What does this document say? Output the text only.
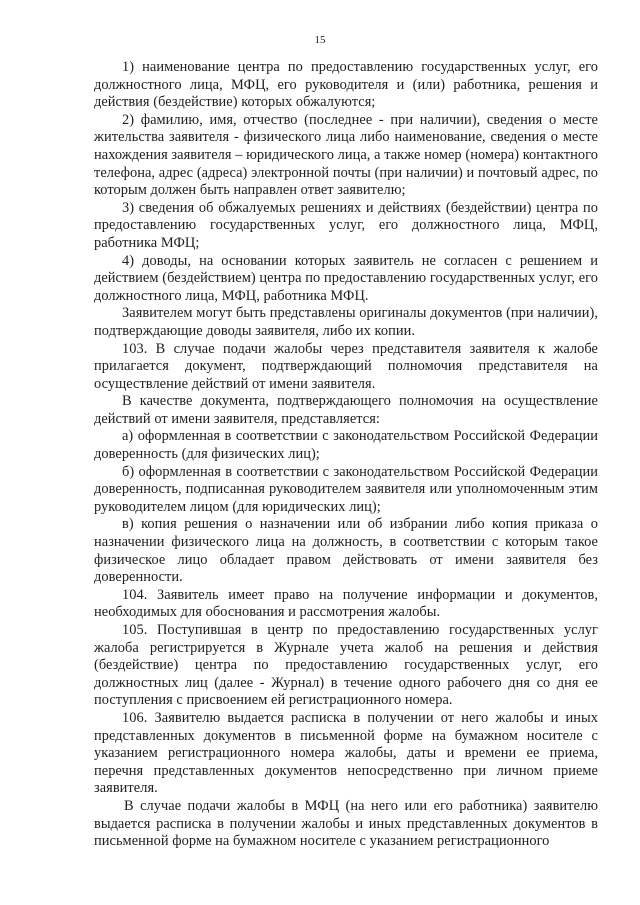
15

1) наименование центра по предоставлению государственных услуг, его должностного лица, МФЦ, его руководителя и (или) работника, решения и действия (бездействие) которых обжалуются;

2) фамилию, имя, отчество (последнее - при наличии), сведения о месте жительства заявителя - физического лица либо наименование, сведения о месте нахождения заявителя – юридического лица, а также номер (номера) контактного телефона, адрес (адреса) электронной почты (при наличии) и почтовый адрес, по которым должен быть направлен ответ заявителю;

3) сведения об обжалуемых решениях и действиях (бездействии) центра по предоставлению государственных услуг, его должностного лица, МФЦ, работника МФЦ;

4) доводы, на основании которых заявитель не согласен с решением и действием (бездействием) центра по предоставлению государственных услуг, его должностного лица, МФЦ, работника МФЦ.

Заявителем могут быть представлены оригиналы документов (при наличии), подтверждающие доводы заявителя, либо их копии.

103. В случае подачи жалобы через представителя заявителя к жалобе прилагается документ, подтверждающий полномочия представителя на осуществление действий от имени заявителя.

В качестве документа, подтверждающего полномочия на осуществление действий от имени заявителя, представляется:

а) оформленная в соответствии с законодательством Российской Федерации доверенность (для физических лиц);

б) оформленная в соответствии с законодательством Российской Федерации доверенность, подписанная руководителем заявителя или уполномоченным этим руководителем лицом (для юридических лиц);

в) копия решения о назначении или об избрании либо копия приказа о назначении физического лица на должность, в соответствии с которым такое физическое лицо обладает правом действовать от имени заявителя без доверенности.

104. Заявитель имеет право на получение информации и документов, необходимых для обоснования и рассмотрения жалобы.

105. Поступившая в центр по предоставлению государственных услуг жалоба регистрируется в Журнале учета жалоб на решения и действия (бездействие) центра по предоставлению государственных услуг, его должностных лиц (далее - Журнал) в течение одного рабочего дня со дня ее поступления с присвоением ей регистрационного номера.

106. Заявителю выдается расписка в получении от него жалобы и иных представленных документов в письменной форме на бумажном носителе с указанием регистрационного номера жалобы, даты и времени ее приема, перечня представленных документов непосредственно при личном приеме заявителя.

В случае подачи жалобы в МФЦ (на него или его работника) заявителю выдается расписка в получении жалобы и иных представленных документов в письменной форме на бумажном носителе с указанием регистрационного
